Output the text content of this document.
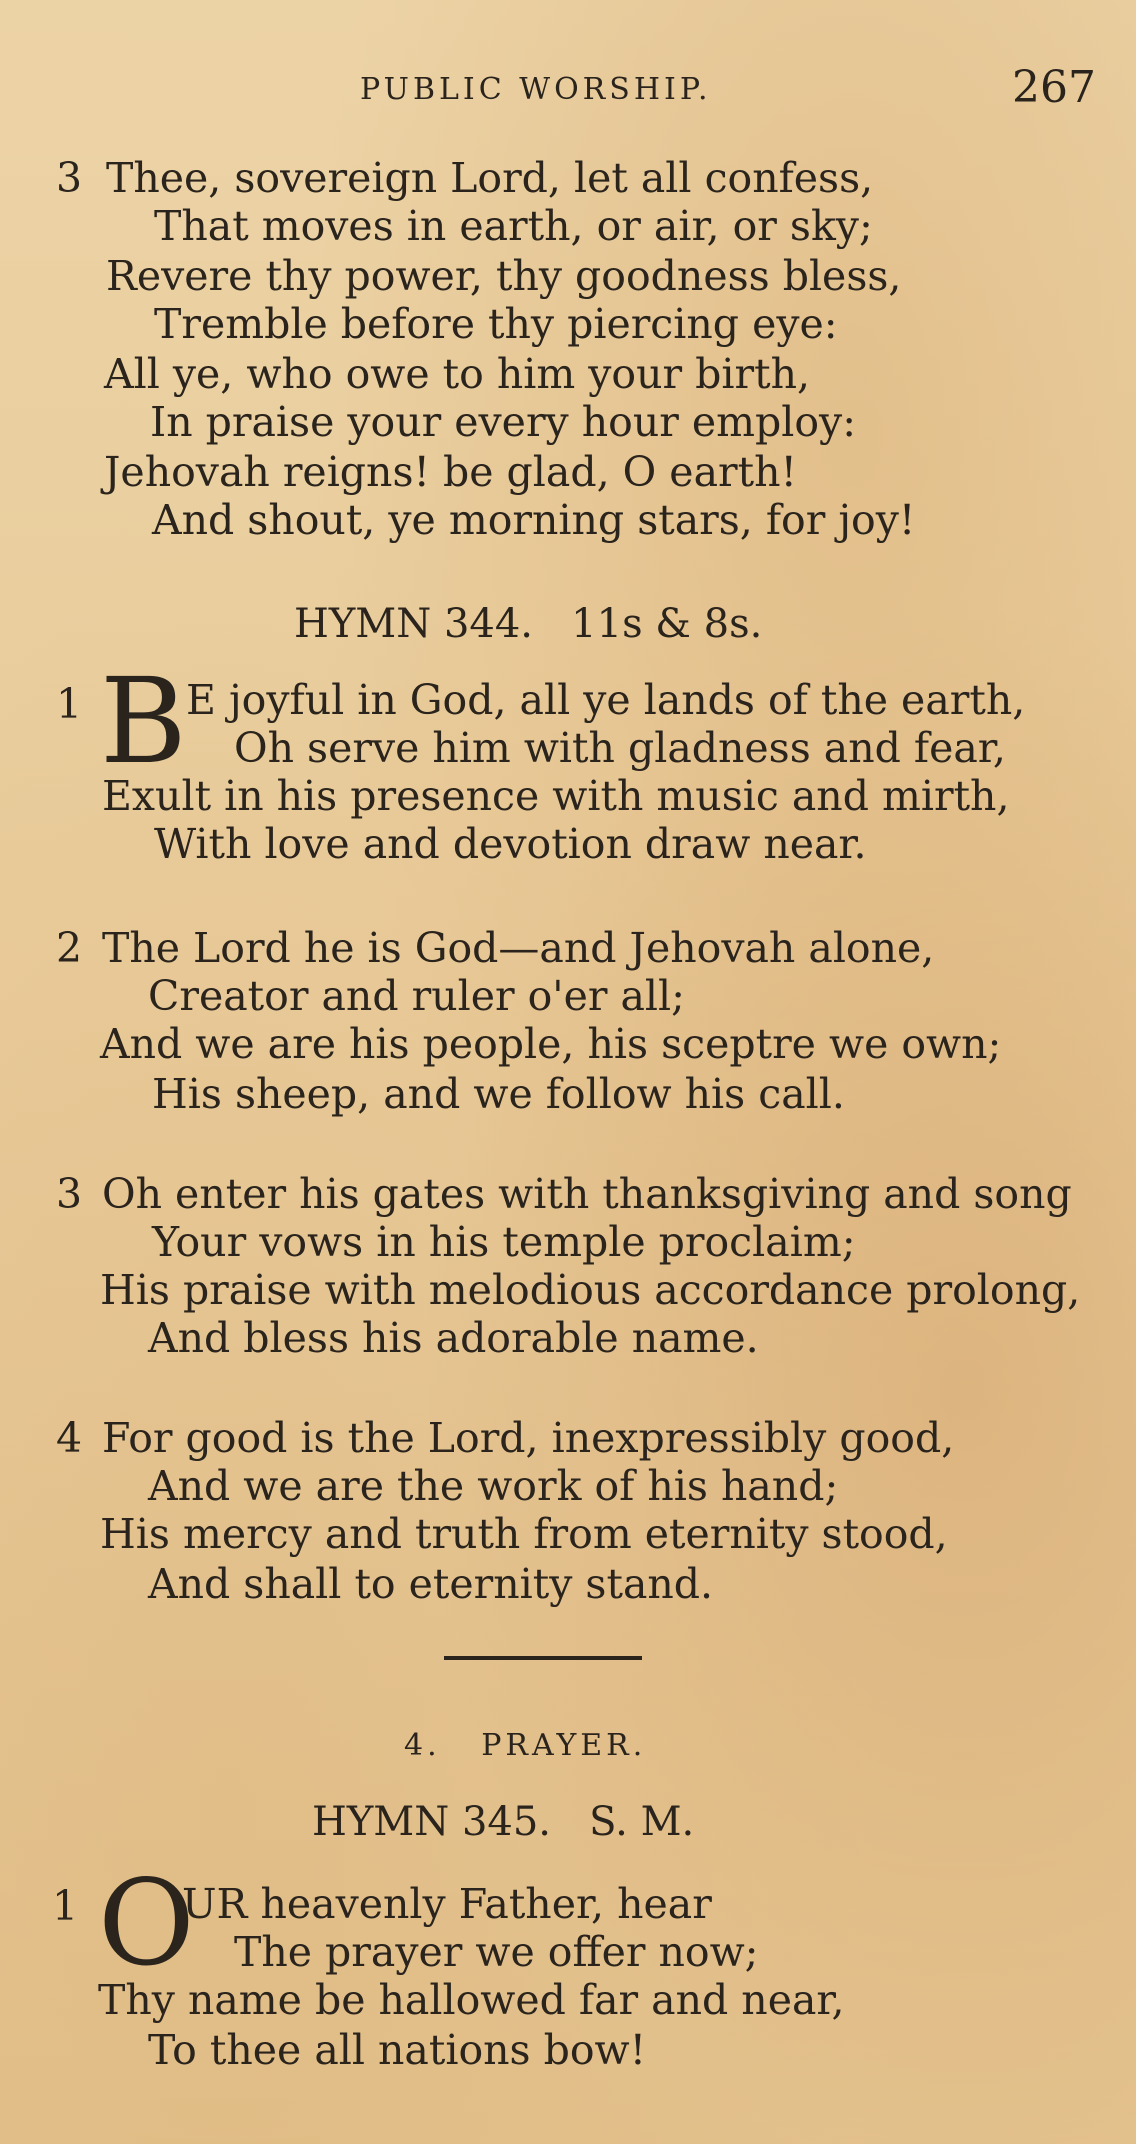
PUBLIC WORSHIP.	267
3 Thee, sovereign Lord, let all confess,
That moves in earth, or air, or sky;
Revere thy power, thy goodness bless,
Tremble before thy piercing eye:
All ye, who owe to him your birth,
In praise your every hour employ:
Jehovah reigns! be glad, O earth!
And shout, ye morning stars, for joy!
HYMN 344.   11s & 8s.
1 B E joyful in God, all ye lands of the earth,
Oh serve him with gladness and fear,
Exult in his presence with music and mirth,
With love and devotion draw near.
2 The Lord he is God—and Jehovah alone,
Creator and ruler o'er all;
And we are his people, his sceptre we own;
His sheep, and we follow his call.
3 Oh enter his gates with thanksgiving and song
Your vows in his temple proclaim;
His praise with melodious accordance prolong,
And bless his adorable name.
4 For good is the Lord, inexpressibly good,
And we are the work of his hand;
His mercy and truth from eternity stood,
And shall to eternity stand.
4.   PRAYER.
HYMN 345.   S. M.
1 O
UR heavenly Father, hear
The prayer we offer now;
Thy name be hallowed far and near,
To thee all nations bow!
